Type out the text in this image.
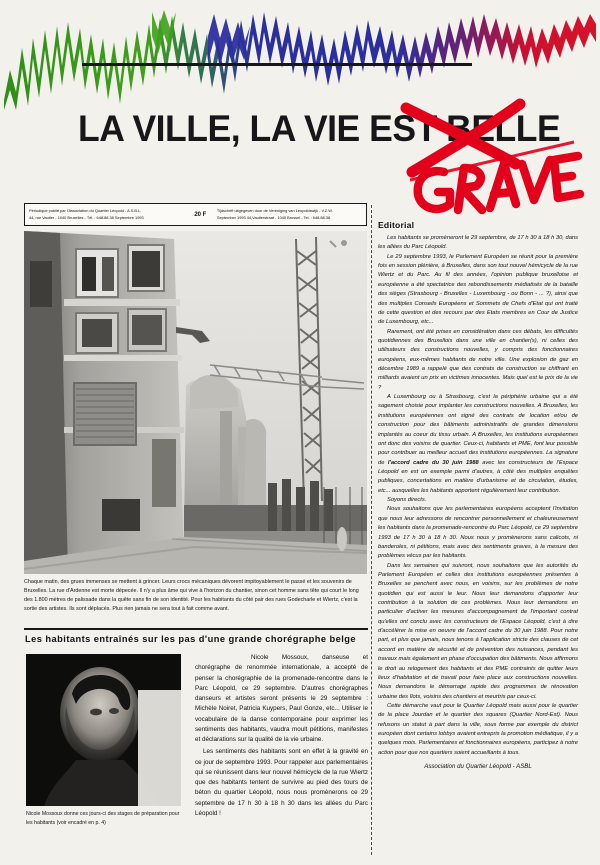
LA VILLE, LA VIE EST BELLE
Périodique publié par l'Association du Quartier Léopold - A.S.B.L.
44, rue Vautier - 1040 Bruxelles - Tél. : 648.88.38 Septembre 1993	20 F
Tijdschrift uitgegeven door de Vereniging van Leopoldswijk - V.Z.W.
September 1993 44,Vautierstraat - 1040 Brussel - Tel. : 648.88.38
Chaque matin, des grues immenses se mettent à grincer. Leurs crocs mécaniques dévorent impitoyablement le passé et les souvenirs de Bruxelles. La rue d'Ardenne est morte dépecée. Il n'y a plus âme qui vive à l'horizon du chantier, sinon cet homme sans tête qui court le long des 1.800 mètres de palissade dans la quête sans fin de son identité. Pour les habitants du côté pair des rues Godecharle et Wiertz, c'est la sortie des artistes. Ils sont déplacés. Plus rien jamais ne sera tout à fait comme avant.
Les habitants entraînés sur les pas d'une grande chorégraphe belge
Nicole Mossoux donne ces jours-ci des stages de préparation pour les habitants (voir encadré en p. 4)

Nicole Mossoux, danseuse et chorégraphe de renommée internationale, a accepté de penser la chorégraphie de la promenade-rencontre dans le Parc Léopold, ce 29 septembre. D'autres chorégraphes danseurs et artistes seront présents le 29 septembre : Michèle Noiret, Patricia Kuypers, Paul Gonze, etc... Utiliser le vocabulaire de la danse contemporaine pour exprimer les sentiments des habitants, vaudra moult pétitions, manifestes et déclarations sur la qualité de la vie urbaine.

Les sentiments des habitants sont en effet à la gravité en ce jour de septembre 1993. Pour rappeler aux parlementaires qui se réunissent dans leur nouvel hémicycle de la rue Wiertz que des habitants tentent de survivre au pied des tours de béton du quartier Léopold, nous nous promènerons ce 29 septembre de 17 h 30 à 18 h 30 dans les allées du Parc Léopold !

Editorial

Les habitants se promèneront le 29 septembre, de 17 h 30 à 18 h 30, dans les allées du Parc Léopold.

Le 29 septembre 1993, le Parlement Européen se réunit pour la première fois en session plénière, à Bruxelles, dans son tout nouvel hémicycle de la rue Wiertz et du Parc. Au fil des années, l'opinion publique bruxelloise et européenne a été spectatrice des rebondissements médiatisés de la bataille des sièges (Strasbourg - Bruxelles - Luxembourg - ou Bonn - ... ?), ainsi que des multiples Conseils Européens et Sommets de Chefs d'Etat qui ont traité de cette question et des recours par des Etats membres en Cour de Justice de Luxembourg, etc...

Rarement, ont été prises en considération dans ces débats, les difficultés quotidiennes des Bruxellois dans une ville en chantier(s), ni celles des utilisateurs des constructions nouvelles, y compris des fonctionnaires européens, eux-mêmes habitants de notre ville. Une explosion de gaz en décembre 1989 a rappelé que des contrats de construction se chiffrant en milliards avaient un prix en victimes innocentes. Mais quel est le prix de la vie ?

A Luxembourg ou à Strasbourg, c'est la périphérie urbaine qui a été sagement choisie pour implanter les constructions nouvelles. A Bruxelles, les institutions européennes ont signé des contrats de location et/ou de construction pour des bâtiments administratifs de grandes dimensions implantés au coeur du tissu urbain. A Bruxelles, les institutions européennes ont donc des voisins de quartier. Ceux-ci, habitants et PME, font leur possible pour contribuer au meilleur accueil des institutions européennes. La signature de l'accord cadre du 30 juin 1988 avec les constructeurs de l'Espace Léopold en est un exemple parmi d'autres, à côté des multiples enquêtes publiques, concertations en matière d'urbanisme et de circulation, études, etc... auxquelles les habitants apportent régulièrement leur contribution.

Soyons directs.

Nous souhaitons que les parlementaires européens acceptent l'invitation que nous leur adressons de rencontrer personnellement et chaleureusement les habitants dans la promenade-rencontre du Parc Léopold, ce 29 septembre 1993 de 17 h 30 à 18 h 30. Nous nous y promènerons sans calicots, ni banderoles, ni pétitions, mais avec des sentiments graves, à la mesure des problèmes vécus par les habitants.

Dans les semaines qui suivront, nous souhaitons que les autorités du Parlement Européen et celles des institutions européennes présentes à Bruxelles se penchent avec nous, en voisins, sur les problèmes de notre quotidien qui est aussi le leur. Nous leur demandons d'apporter leur contribution à la solution de ces problèmes. Nous leur demandons en particulier d'activer les mesures d'accompagnement de l'important contrat qu'elles ont conclu avec les constructeurs de l'Espace Léopold, c'est à dire d'accélérer la mise en oeuvre de l'accord cadre du 30 juin 1988. Pour notre part, et plus que jamais, nous tenons à l'application stricte des clauses de cet accord en matière de sécurité et de prévention des nuisances, pendant les travaux mais également en phase d'occupation des bâtiments. Nous affirmons le droit au relogement des habitants et des PME contraints de quitter leurs lieux d'habitation et de travail pour faire place aux constructions nouvelles. Nous demandons le démarrage rapide des programmes de rénovation urbaine des îlots, voisins des chantiers et meurtris par ceux-ci.

Cette démarche vaut pour le Quartier Léopold mais aussi pour le quartier de la place Jourdan et le quartier des squares (Quartier Nord-Est). Nous refusons un statut à part dans la ville, sous forme par exemple du district européen dont certains lobbys avaient entrepris la promotion médiatique, il y a quelques mois. Parlementaires et fonctionnaires européens, participez à notre action pour que nos quartiers soient accueillants à tous.

Association du Quartier Léopold - ASBL
